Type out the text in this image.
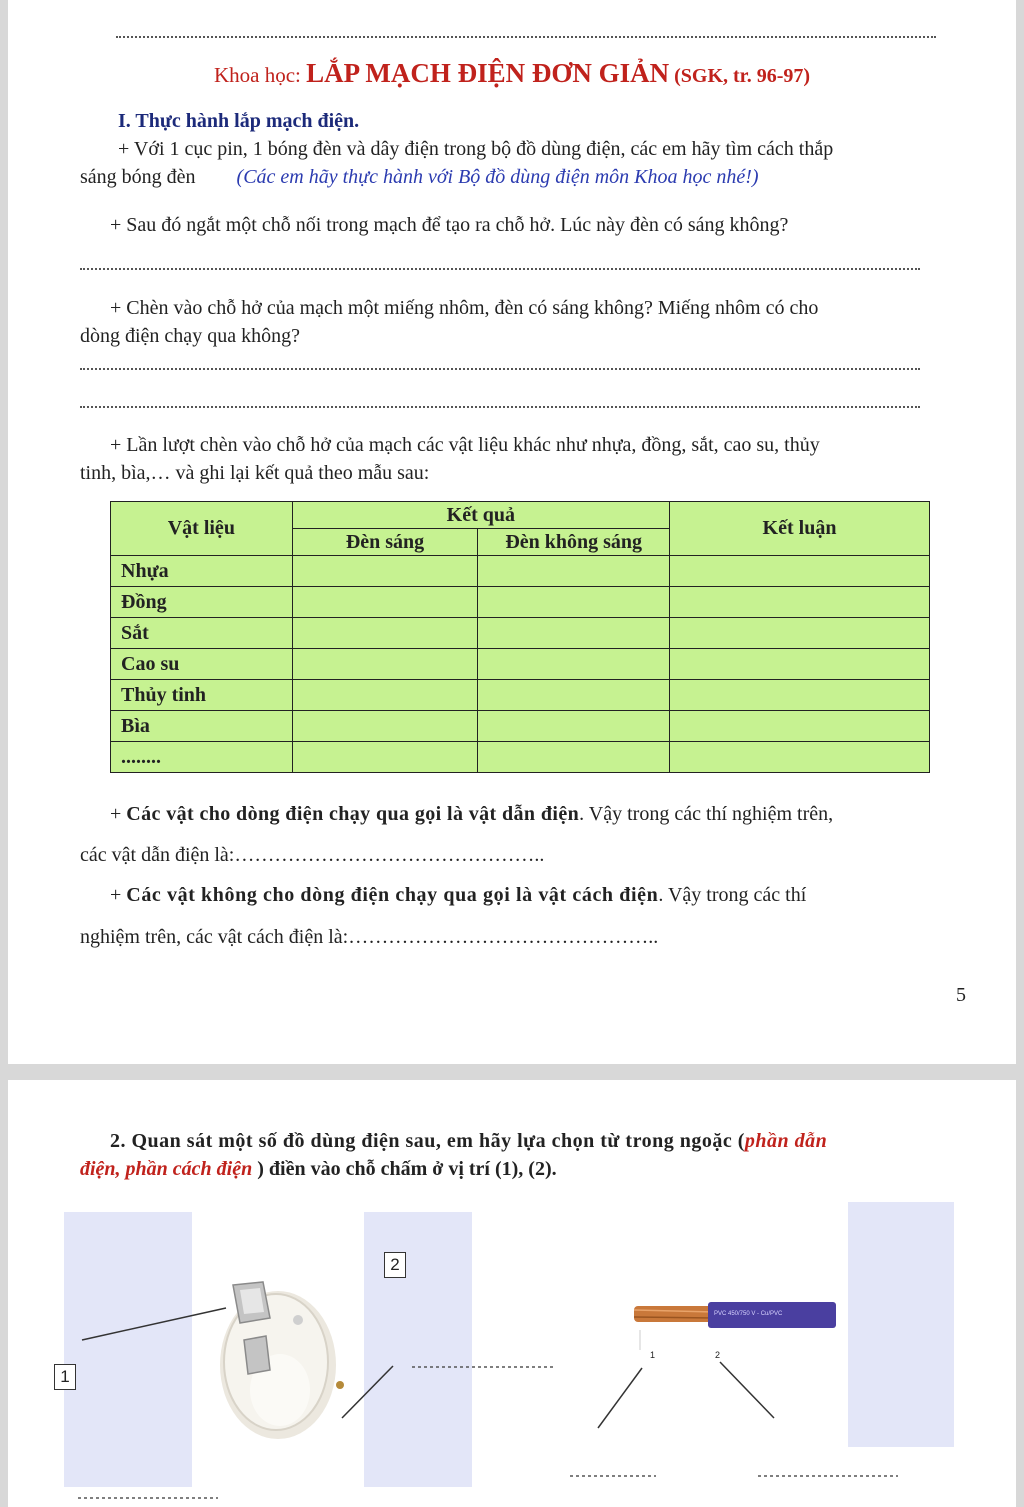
Khoa học: LẮP MẠCH ĐIỆN ĐƠN GIẢN (SGK, tr. 96-97)
I. Thực hành lắp mạch điện.
+ Với 1 cục pin, 1 bóng đèn và dây điện trong bộ đồ dùng điện, các em hãy tìm cách thắp
sáng bóng đèn (Các em hãy thực hành với Bộ đồ dùng điện môn Khoa học nhé!)
+ Sau đó ngắt một chỗ nối trong mạch để tạo ra chỗ hở. Lúc này đèn có sáng không?
+ Chèn vào chỗ hở của mạch một miếng nhôm, đèn có sáng không? Miếng nhôm có cho
dòng điện chạy qua không?
+ Lần lượt chèn vào chỗ hở của mạch các vật liệu khác như nhựa, đồng, sắt, cao su, thủy
tinh, bìa,… và ghi lại kết quả theo mẫu sau:
Vật liệu	Kết quả		Kết luận
	Đèn sáng	Đèn không sáng	
Nhựa			
Đồng			
Sắt			
Cao su			
Thủy tinh			
Bìa			
........			
+ Các vật cho dòng điện chạy qua gọi là vật dẫn điện. Vậy trong các thí nghiệm trên,
các vật dẫn điện là:………………………………………..
+ Các vật không cho dòng điện chạy qua gọi là vật cách điện. Vậy trong các thí
nghiệm trên, các vật cách điện là:………………………………………..
5
2. Quan sát một số đồ dùng điện sau, em hãy lựa chọn từ trong ngoặc (phần dẫn
điện, phần cách điện ) điền vào chỗ chấm ở vị trí (1), (2).
1
2
PVC 450/750 V - Cu/PVC
1	2
